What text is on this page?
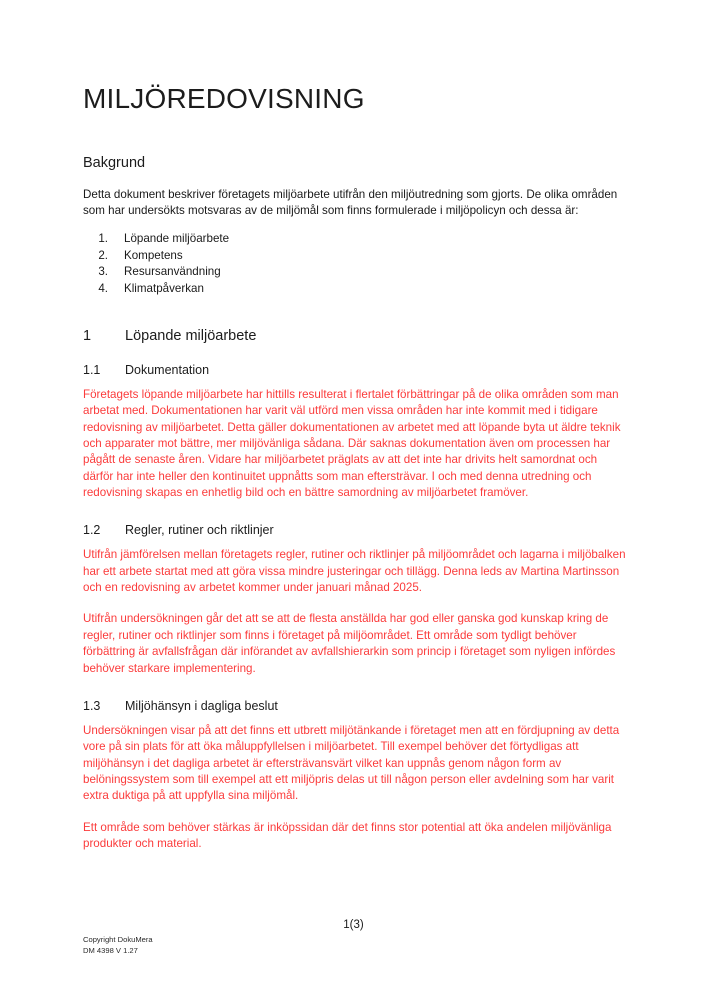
MILJÖREDOVISNING
Bakgrund

Detta dokument beskriver företagets miljöarbete utifrån den miljöutredning som gjorts. De olika områden som har undersökts motsvaras av de miljömål som finns formulerade i miljöpolicyn och dessa är:

1.	Löpande miljöarbete
2.	Kompetens
3.	Resursanvändning
4.	Klimatpåverkan
1	Löpande miljöarbete
1.1	Dokumentation

Företagets löpande miljöarbete har hittills resulterat i flertalet förbättringar på de olika områden som man arbetat med. Dokumentationen har varit väl utförd men vissa områden har inte kommit med i tidigare redovisning av miljöarbetet. Detta gäller dokumentationen av arbetet med att löpande byta ut äldre teknik och apparater mot bättre, mer miljövänliga sådana. Där saknas dokumentation även om processen har pågått de senaste åren. Vidare har miljöarbetet präglats av att det inte har drivits helt samordnat och därför har inte heller den kontinuitet uppnåtts som man eftersträvar. I och med denna utredning och redovisning skapas en enhetlig bild och en bättre samordning av miljöarbetet framöver.

1.2	Regler, rutiner och riktlinjer

Utifrån jämförelsen mellan företagets regler, rutiner och riktlinjer på miljöområdet och lagarna i miljöbalken har ett arbete startat med att göra vissa mindre justeringar och tillägg. Denna leds av Martina Martinsson och en redovisning av arbetet kommer under januari månad 2025.

Utifrån undersökningen går det att se att de flesta anställda har god eller ganska god kunskap kring de regler, rutiner och riktlinjer som finns i företaget på miljöområdet. Ett område som tydligt behöver förbättring är avfallsfrågan där införandet av avfallshierarkin som princip i företaget som nyligen infördes behöver starkare implementering.

1.3	Miljöhänsyn i dagliga beslut

Undersökningen visar på att det finns ett utbrett miljötänkande i företaget men att en fördjupning av detta vore på sin plats för att öka måluppfyllelsen i miljöarbetet. Till exempel behöver det förtydligas att miljöhänsyn i det dagliga arbetet är eftersträvansvärt vilket kan uppnås genom någon form av belöningssystem som till exempel att ett miljöpris delas ut till någon person eller avdelning som har varit extra duktiga på att uppfylla sina miljömål.

Ett område som behöver stärkas är inköpssidan där det finns stor potential att öka andelen miljövänliga produkter och material.

1(3)
Copyright DokuMera
DM 4398 V 1.27
